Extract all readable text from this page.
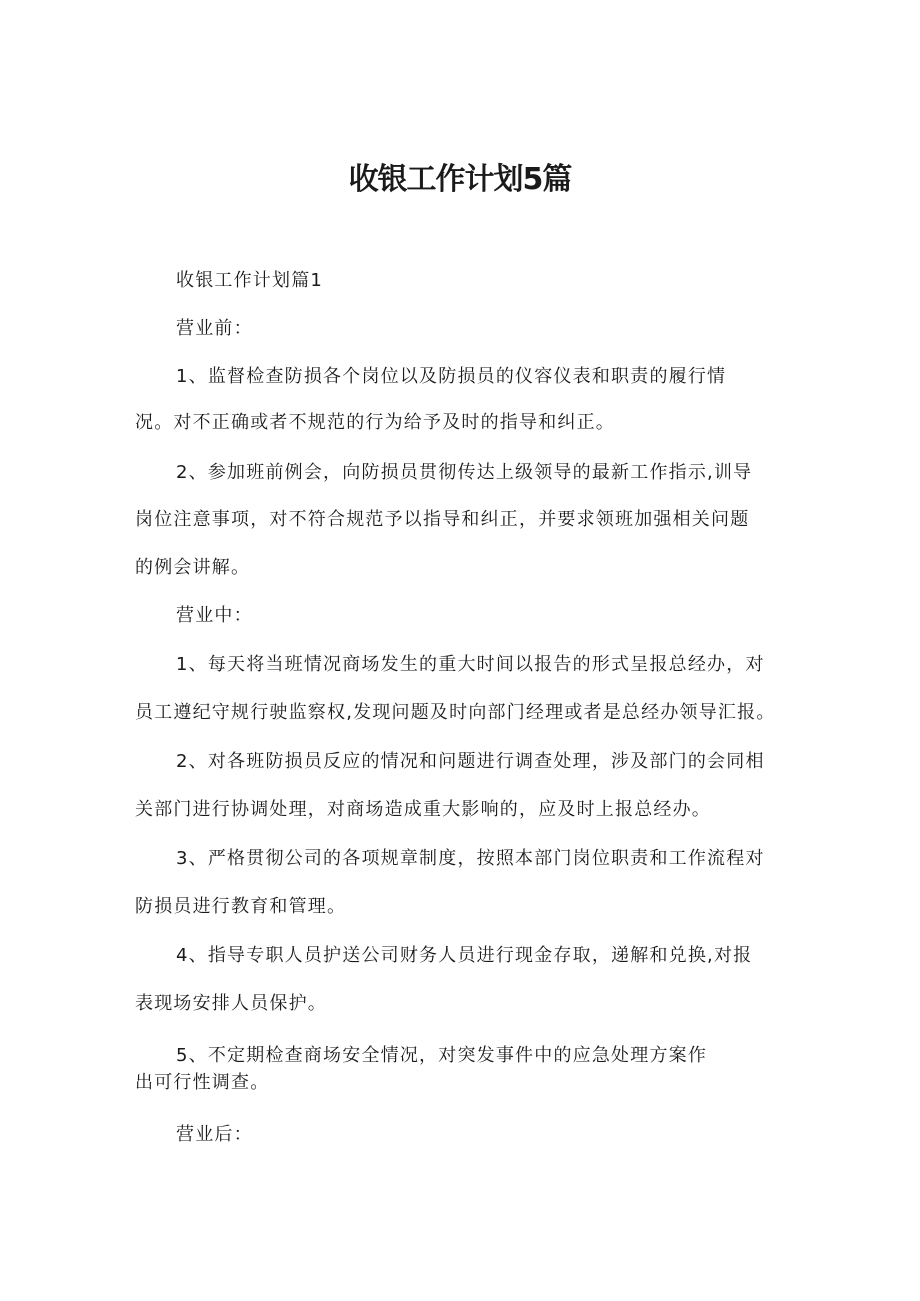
收银工作计划5篇
收银工作计划篇1
营业前：
1、监督检查防损各个岗位以及防损员的仪容仪表和职责的履行情
况。对不正确或者不规范的行为给予及时的指导和纠正。
2、参加班前例会，向防损员贯彻传达上级领导的最新工作指示,训导
岗位注意事项，对不符合规范予以指导和纠正，并要求领班加强相关问题
的例会讲解。
营业中：
1、每天将当班情况商场发生的重大时间以报告的形式呈报总经办，对
员工遵纪守规行驶监察权,发现问题及时向部门经理或者是总经办领导汇报。
2、对各班防损员反应的情况和问题进行调查处理，涉及部门的会同相
关部门进行协调处理，对商场造成重大影响的，应及时上报总经办。
3、严格贯彻公司的各项规章制度，按照本部门岗位职责和工作流程对
防损员进行教育和管理。
4、指导专职人员护送公司财务人员进行现金存取，递解和兑换,对报
表现场安排人员保护。
5、不定期检查商场安全情况，对突发事件中的应急处理方案作
出可行性调查。
营业后：
